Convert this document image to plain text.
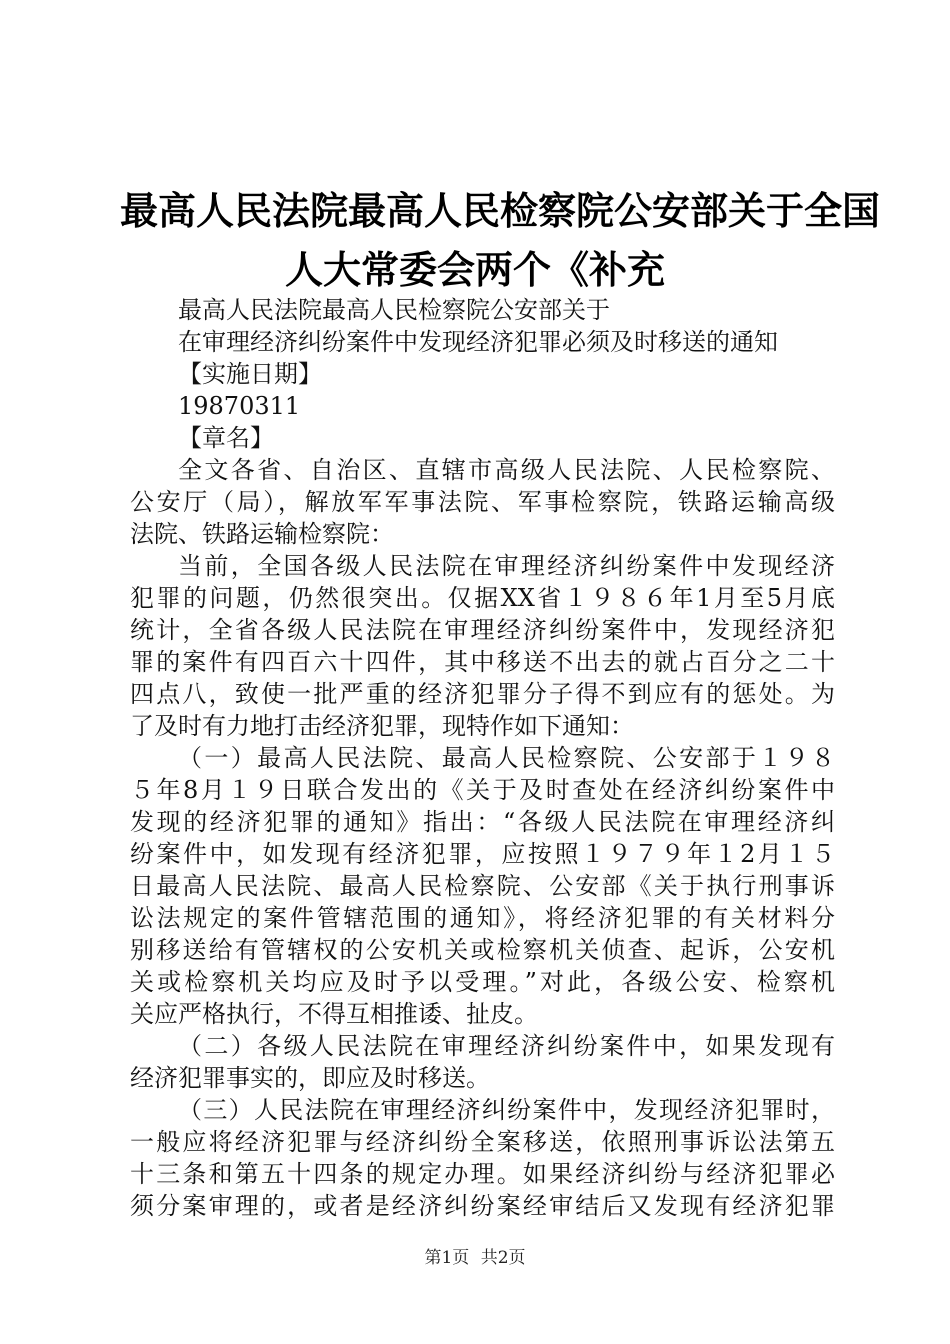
最高人民法院最高人民检察院公安部关于全国
人大常委会两个《补充
最高人民法院最高人民检察院公安部关于
在审理经济纠纷案件中发现经济犯罪必须及时移送的通知
【实施日期】
19870311
【章名】
全文各省、自治区、直辖市高级人民法院、人民检察院、
公安厅（局），解放军军事法院、军事检察院，铁路运输高级
法院、铁路运输检察院：
当前，全国各级人民法院在审理经济纠纷案件中发现经济
犯罪的问题，仍然很突出。仅据XX省１９８６年1月至5月底
统计，全省各级人民法院在审理经济纠纷案件中，发现经济犯
罪的案件有四百六十四件，其中移送不出去的就占百分之二十
四点八，致使一批严重的经济犯罪分子得不到应有的惩处。为
了及时有力地打击经济犯罪，现特作如下通知：
（一）最高人民法院、最高人民检察院、公安部于１９８
５年8月１９日联合发出的《关于及时查处在经济纠纷案件中
发现的经济犯罪的通知》指出：“各级人民法院在审理经济纠
纷案件中，如发现有经济犯罪，应按照１９７９年１2月１５
日最高人民法院、最高人民检察院、公安部《关于执行刑事诉
讼法规定的案件管辖范围的通知》，将经济犯罪的有关材料分
别移送给有管辖权的公安机关或检察机关侦查、起诉，公安机
关或检察机关均应及时予以受理。”对此，各级公安、检察机
关应严格执行，不得互相推诿、扯皮。
（二）各级人民法院在审理经济纠纷案件中，如果发现有
经济犯罪事实的，即应及时移送。
（三）人民法院在审理经济纠纷案件中，发现经济犯罪时，
一般应将经济犯罪与经济纠纷全案移送，依照刑事诉讼法第五
十三条和第五十四条的规定办理。如果经济纠纷与经济犯罪必
须分案审理的，或者是经济纠纷案经审结后又发现有经济犯罪
第1页 共2页
